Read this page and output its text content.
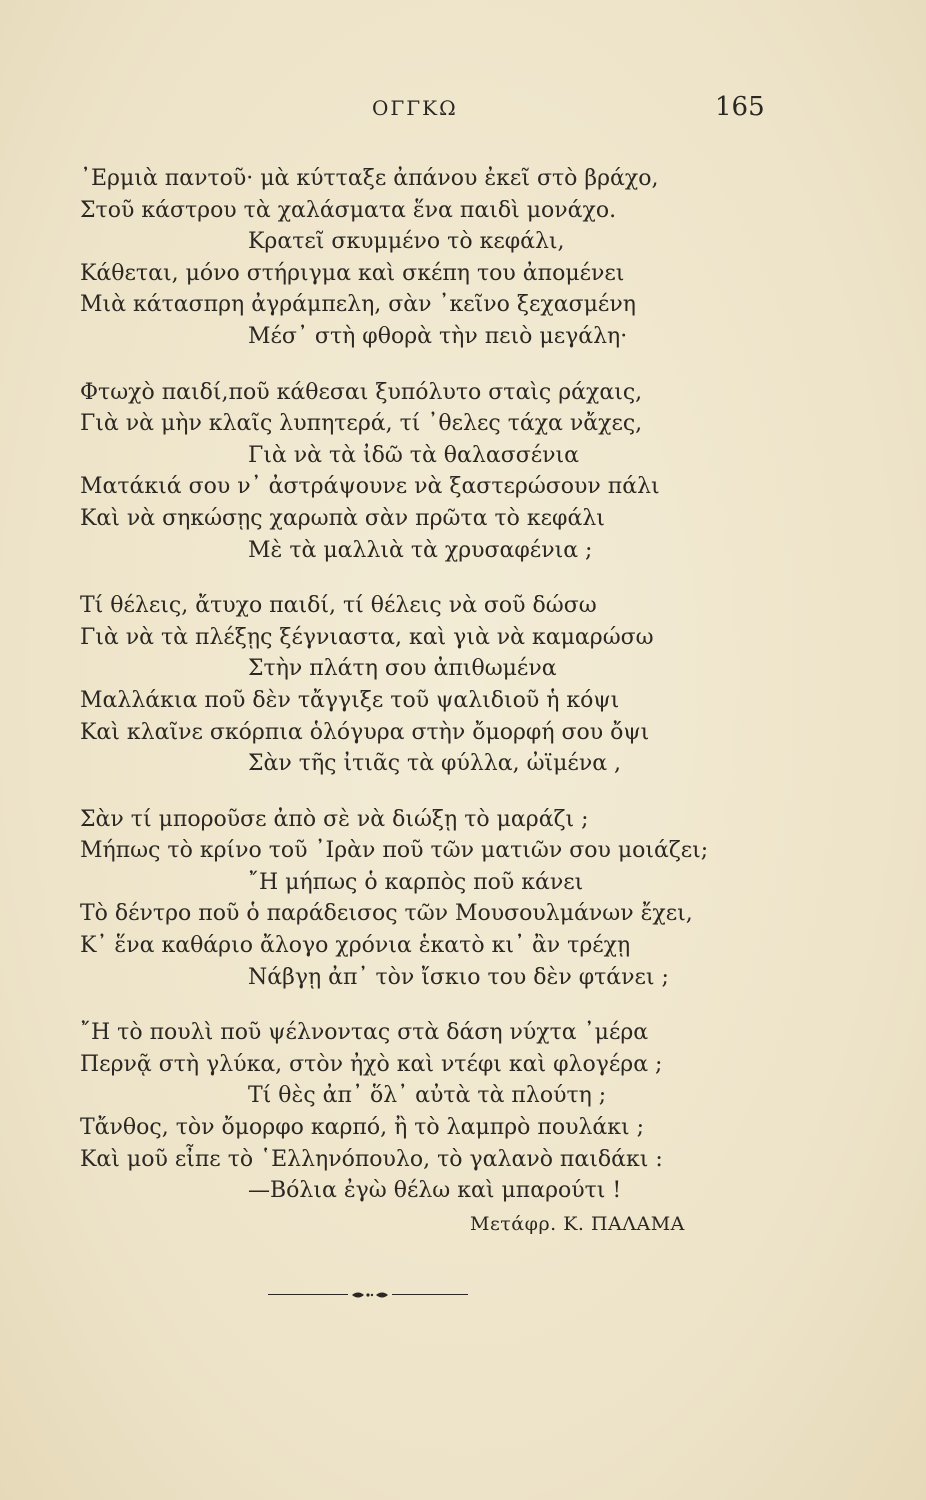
ΟΓΓΚΩ	165
᾿Ερμιὰ παντοῦ· μὰ κύτταξε ἀπάνου ἐκεῖ στὸ βράχο,
Στοῦ κάστρου τὰ χαλάσματα ἕνα παιδὶ μονάχο.
Κρατεῖ σκυμμένο τὸ κεφάλι,
Κάθεται, μόνο στήριγμα καὶ σκέπη του ἀπομένει
Μιὰ κάτασπρη ἀγράμπελη, σὰν ᾿κεῖνο ξεχασμένη
Μέσ᾿ στὴ φθορὰ τὴν πειὸ μεγάλη·
Φτωχὸ παιδί,ποῦ κάθεσαι ξυπόλυτο σταὶς ράχαις,
Γιὰ νὰ μὴν κλαῖς λυπητερά, τί ᾿θελες τάχα νἄχες,
Γιὰ νὰ τὰ ἰδῶ τὰ θαλασσένια
Ματάκιά σου ν᾿ ἀστράψουνε νὰ ξαστερώσουν πάλι
Καὶ νὰ σηκώσῃς χαρωπὰ σὰν πρῶτα τὸ κεφάλι
Μὲ τὰ μαλλιὰ τὰ χρυσαφένια ;
Τί θέλεις, ἄτυχο παιδί, τί θέλεις νὰ σοῦ δώσω
Γιὰ νὰ τὰ πλέξῃς ξέγνιαστα, καὶ γιὰ νὰ καμαρώσω
Στὴν πλάτη σου ἀπιθωμένα
Μαλλάκια ποῦ δὲν τἄγγιξε τοῦ ψαλιδιοῦ ἡ κόψι
Καὶ κλαῖνε σκόρπια ὁλόγυρα στὴν ὄμορφή σου ὄψι
Σὰν τῆς ἰτιᾶς τὰ φύλλα, ὠϊμένα ,
Σὰν τί μποροῦσε ἀπὸ σὲ νὰ διώξῃ τὸ μαράζι ;
Μήπως τὸ κρίνο τοῦ ᾿Ιρὰν ποῦ τῶν ματιῶν σου μοιάζει;
῎Η μήπως ὁ καρπὸς ποῦ κάνει
Τὸ δέντρο ποῦ ὁ παράδεισος τῶν Μουσουλμάνων ἔχει,
Κ᾿ ἕνα καθάριο ἄλογο χρόνια ἑκατὸ κι᾿ ἂν τρέχῃ
Νάβγῃ ἀπ᾿ τὸν ἴσκιο του δὲν φτάνει ;
῎Η τὸ πουλὶ ποῦ ψέλνοντας στὰ δάση νύχτα ᾿μέρα
Περνᾷ στὴ γλύκα, στὸν ἠχὸ καὶ ντέφι καὶ φλογέρα ;
Τί θὲς ἀπ᾿ ὅλ᾿ αὐτὰ τὰ πλούτη ;
Τἄνθος, τὸν ὄμορφο καρπό, ἢ τὸ λαμπρὸ πουλάκι ;
Καὶ μοῦ εἶπε τὸ ῾Ελληνόπουλο, τὸ γαλανὸ παιδάκι :
—Βόλια ἐγὼ θέλω καὶ μπαρούτι !
Μετάφρ. Κ. ΠΑΛΑΜΑ
